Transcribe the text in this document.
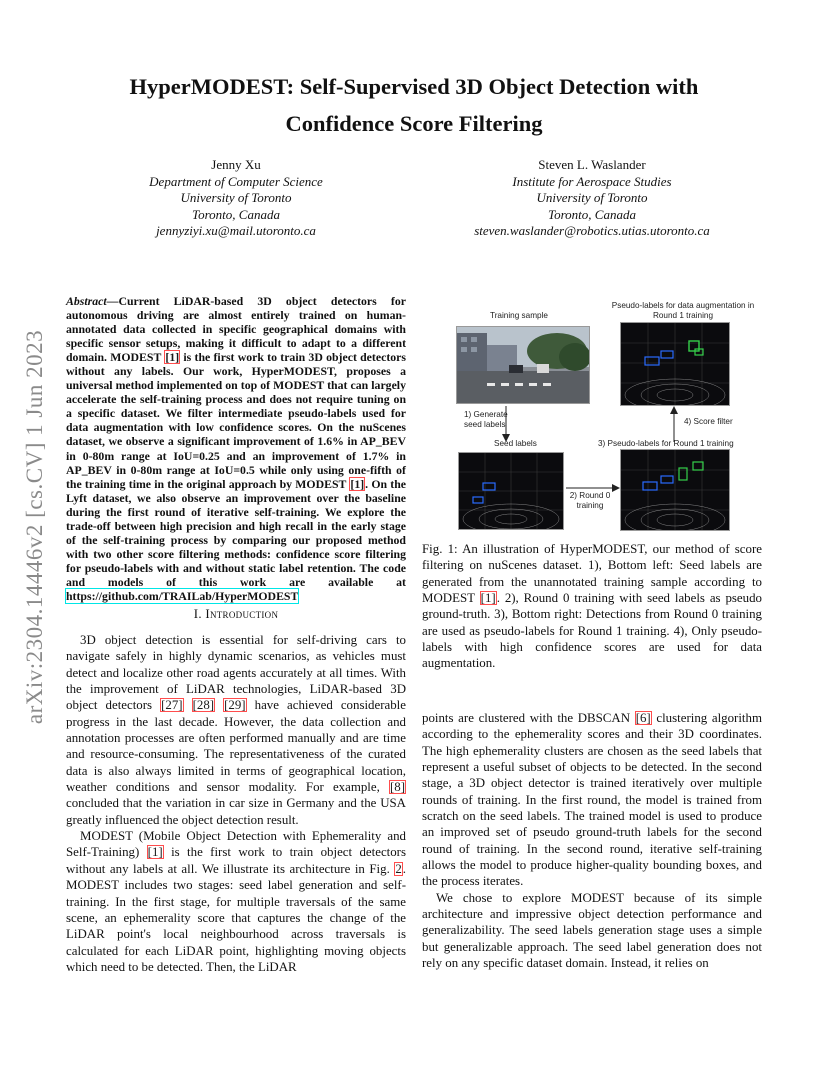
arXiv:2304.14446v2 [cs.CV] 1 Jun 2023
HyperMODEST: Self-Supervised 3D Object Detection with
Confidence Score Filtering
Jenny Xu
Department of Computer Science
University of Toronto
Toronto, Canada
jennyziyi.xu@mail.utoronto.ca
Steven L. Waslander
Institute for Aerospace Studies
University of Toronto
Toronto, Canada
steven.waslander@robotics.utias.utoronto.ca

Abstract—Current LiDAR-based 3D object detectors for autonomous driving are almost entirely trained on human-annotated data collected in specific geographical domains with specific sensor setups, making it difficult to adapt to a different domain. MODEST [1] is the first work to train 3D object detectors without any labels. Our work, HyperMODEST, proposes a universal method implemented on top of MODEST that can largely accelerate the self-training process and does not require tuning on a specific dataset. We filter intermediate pseudo-labels used for data augmentation with low confidence scores. On the nuScenes dataset, we observe a significant improvement of 1.6% in AP_BEV in 0-80m range at IoU=0.25 and an improvement of 1.7% in AP_BEV in 0-80m range at IoU=0.5 while only using one-fifth of the training time in the original approach by MODEST [1]. On the Lyft dataset, we also observe an improvement over the baseline during the first round of iterative self-training. We explore the trade-off between high precision and high recall in the early stage of the self-training process by comparing our proposed method with two other score filtering methods: confidence score filtering for pseudo-labels with and without static label retention. The code and models of this work are available at https://github.com/TRAILab/HyperMODEST

I. Introduction

3D object detection is essential for self-driving cars to navigate safely in highly dynamic scenarios, as vehicles must detect and localize other road agents accurately at all times. With the improvement of LiDAR technologies, LiDAR-based 3D object detectors [27] [28] [29] have achieved considerable progress in the last decade. However, the data collection and annotation processes are often performed manually and are time and resource-consuming. The representativeness of the curated data is also always limited in terms of geographical location, weather conditions and sensor modality. For example, [8] concluded that the variation in car size in Germany and the USA greatly influenced the object detection result.

MODEST (Mobile Object Detection with Ephemerality and Self-Training) [1] is the first work to train object detectors without any labels at all. We illustrate its architecture in Fig. 2. MODEST includes two stages: seed label generation and self-training. In the first stage, for multiple traversals of the same scene, an ephemerality score that captures the change of the LiDAR point's local neighbourhood across traversals is calculated for each LiDAR point, highlighting moving objects which need to be detected. Then, the LiDAR

Training sample
Pseudo-labels for data augmentation in Round 1 training
1) Generate seed labels	4) Score filter
Seed labels	3) Pseudo-labels for Round 1 training
2) Round 0 training
Fig. 1: An illustration of HyperMODEST, our method of score filtering on nuScenes dataset. 1), Bottom left: Seed labels are generated from the unannotated training sample according to MODEST [1]. 2), Round 0 training with seed labels as pseudo ground-truth. 3), Bottom right: Detections from Round 0 training are used as pseudo-labels for Round 1 training. 4), Only pseudo-labels with high confidence scores are used for data augmentation.

points are clustered with the DBSCAN [6] clustering algorithm according to the ephemerality scores and their 3D coordinates. The high ephemerality clusters are chosen as the seed labels that represent a useful subset of objects to be detected. In the second stage, a 3D object detector is trained iteratively over multiple rounds of training. In the first round, the model is trained from scratch on the seed labels. The trained model is used to produce an improved set of pseudo ground-truth labels for the second round of training. In the second round, iterative self-training allows the model to produce higher-quality bounding boxes, and the process iterates.

We chose to explore MODEST because of its simple architecture and impressive object detection performance and generalizability. The seed labels generation stage uses a simple but generalizable approach. The seed label generation does not rely on any specific dataset domain. Instead, it relies on
